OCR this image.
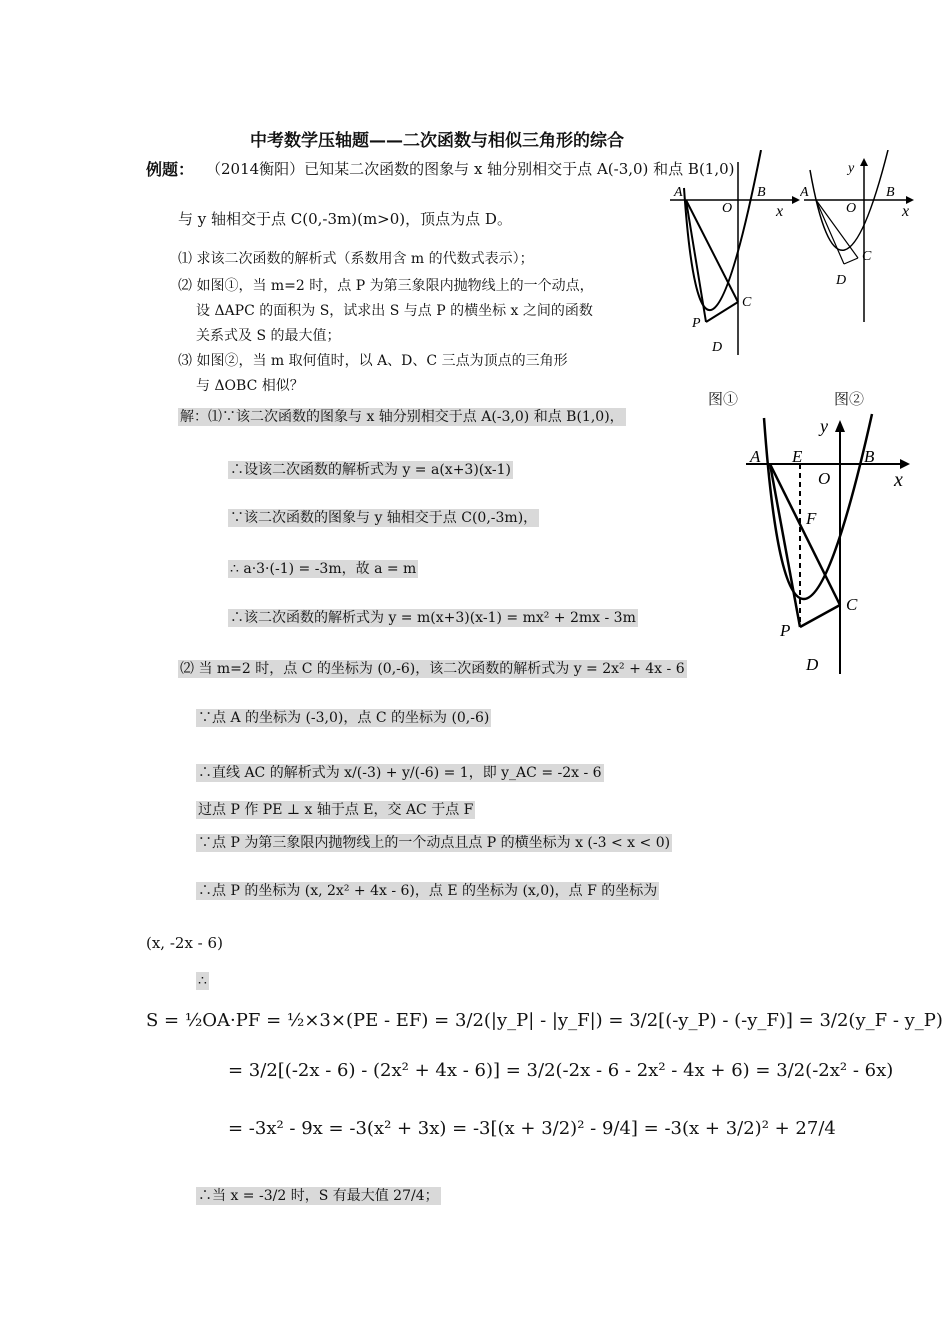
中考数学压轴题——二次函数与相似三角形的综合
例题： （2014衡阳）已知某二次函数的图象与 x 轴分别相交于点 A(-3,0) 和点 B(1,0)
与 y 轴相交于点 C(0,-3m)(m>0)，顶点为点 D。
⑴ 求该二次函数的解析式（系数用含 m 的代数式表示）；
⑵ 如图①，当 m=2 时，点 P 为第三象限内抛物线上的一个动点，
设 ΔAPC 的面积为 S，试求出 S 与点 P 的横坐标 x 之间的函数
关系式及 S 的最大值；
⑶ 如图②，当 m 取何值时，以 A、D、C 三点为顶点的三角形
与 ΔOBC 相似？
A	B
O	x
C
P
D
A	B
O	x
y
C
D
图①	图②
A E	B
O	x
y
F
C
P
D
解：⑴∵该二次函数的图象与 x 轴分别相交于点 A(-3,0) 和点 B(1,0)，
∴设该二次函数的解析式为 y = a(x+3)(x-1)
∵该二次函数的图象与 y 轴相交于点 C(0,-3m)，
∴ a·3·(-1) = -3m，故 a = m
∴该二次函数的解析式为 y = m(x+3)(x-1) = mx² + 2mx - 3m
⑵ 当 m=2 时，点 C 的坐标为 (0,-6)，该二次函数的解析式为 y = 2x² + 4x - 6
∵点 A 的坐标为 (-3,0)，点 C 的坐标为 (0,-6)
∴直线 AC 的解析式为 x/(-3) + y/(-6) = 1，即 y_AC = -2x - 6
过点 P 作 PE ⊥ x 轴于点 E，交 AC 于点 F
∵点 P 为第三象限内抛物线上的一个动点且点 P 的横坐标为 x (-3 < x < 0)
∴点 P 的坐标为 (x, 2x² + 4x - 6)，点 E 的坐标为 (x,0)，点 F 的坐标为
(x, -2x - 6)
∴
S = ½OA·PF = ½×3×(PE - EF) = 3/2(|y_P| - |y_F|) = 3/2[(-y_P) - (-y_F)] = 3/2(y_F - y_P)
= 3/2[(-2x - 6) - (2x² + 4x - 6)] = 3/2(-2x - 6 - 2x² - 4x + 6) = 3/2(-2x² - 6x)
= -3x² - 9x = -3(x² + 3x) = -3[(x + 3/2)² - 9/4] = -3(x + 3/2)² + 27/4
∴当 x = -3/2 时，S 有最大值 27/4；
